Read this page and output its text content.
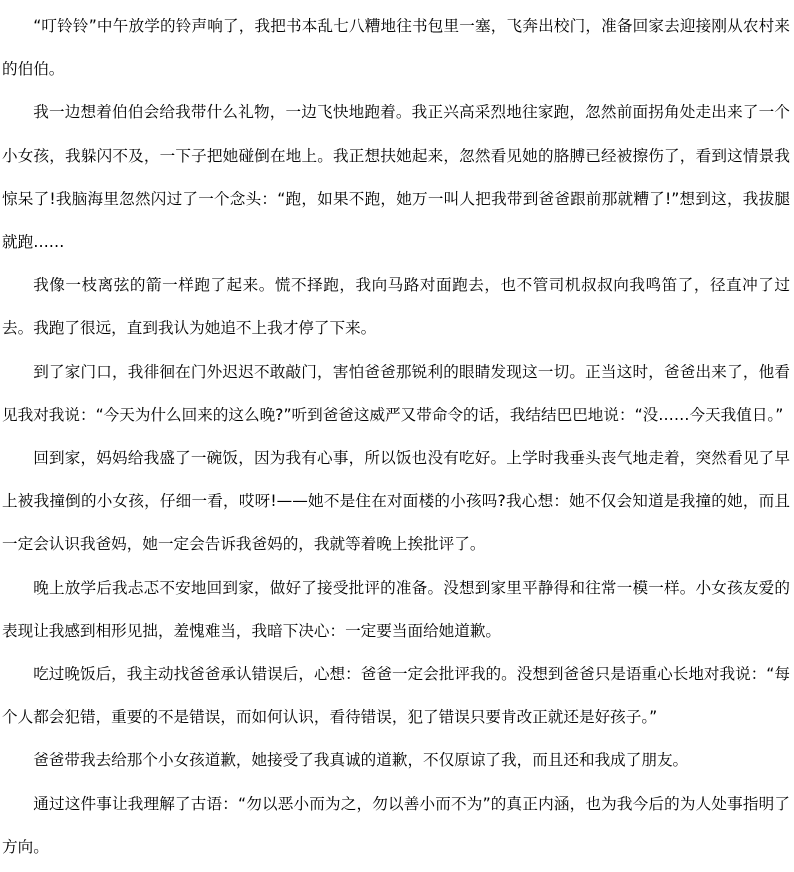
“叮铃铃”中午放学的铃声响了，我把书本乱七八糟地往书包里一塞，飞奔出校门，准备回家去迎接刚从农村来的伯伯。

我一边想着伯伯会给我带什么礼物，一边飞快地跑着。我正兴高采烈地往家跑，忽然前面拐角处走出来了一个小女孩，我躲闪不及，一下子把她碰倒在地上。我正想扶她起来，忽然看见她的胳膊已经被擦伤了，看到这情景我惊呆了!我脑海里忽然闪过了一个念头：“跑，如果不跑，她万一叫人把我带到爸爸跟前那就糟了!”想到这，我拔腿就跑……

我像一枝离弦的箭一样跑了起来。慌不择跑，我向马路对面跑去，也不管司机叔叔向我鸣笛了，径直冲了过去。我跑了很远，直到我认为她追不上我才停了下来。

到了家门口，我徘徊在门外迟迟不敢敲门，害怕爸爸那锐利的眼睛发现这一切。正当这时，爸爸出来了，他看见我对我说：“今天为什么回来的这么晚?”听到爸爸这威严又带命令的话，我结结巴巴地说：“没……今天我值日。”

回到家，妈妈给我盛了一碗饭，因为我有心事，所以饭也没有吃好。上学时我垂头丧气地走着，突然看见了早上被我撞倒的小女孩，仔细一看，哎呀!——她不是住在对面楼的小孩吗?我心想：她不仅会知道是我撞的她，而且一定会认识我爸妈，她一定会告诉我爸妈的，我就等着晚上挨批评了。

晚上放学后我忐忑不安地回到家，做好了接受批评的准备。没想到家里平静得和往常一模一样。小女孩友爱的表现让我感到相形见拙，羞愧难当，我暗下决心：一定要当面给她道歉。

吃过晚饭后，我主动找爸爸承认错误后，心想：爸爸一定会批评我的。没想到爸爸只是语重心长地对我说：“每个人都会犯错，重要的不是错误，而如何认识，看待错误，犯了错误只要肯改正就还是好孩子。”

爸爸带我去给那个小女孩道歉，她接受了我真诚的道歉，不仅原谅了我，而且还和我成了朋友。

通过这件事让我理解了古语：“勿以恶小而为之，勿以善小而不为”的真正内涵，也为我今后的为人处事指明了方向。
